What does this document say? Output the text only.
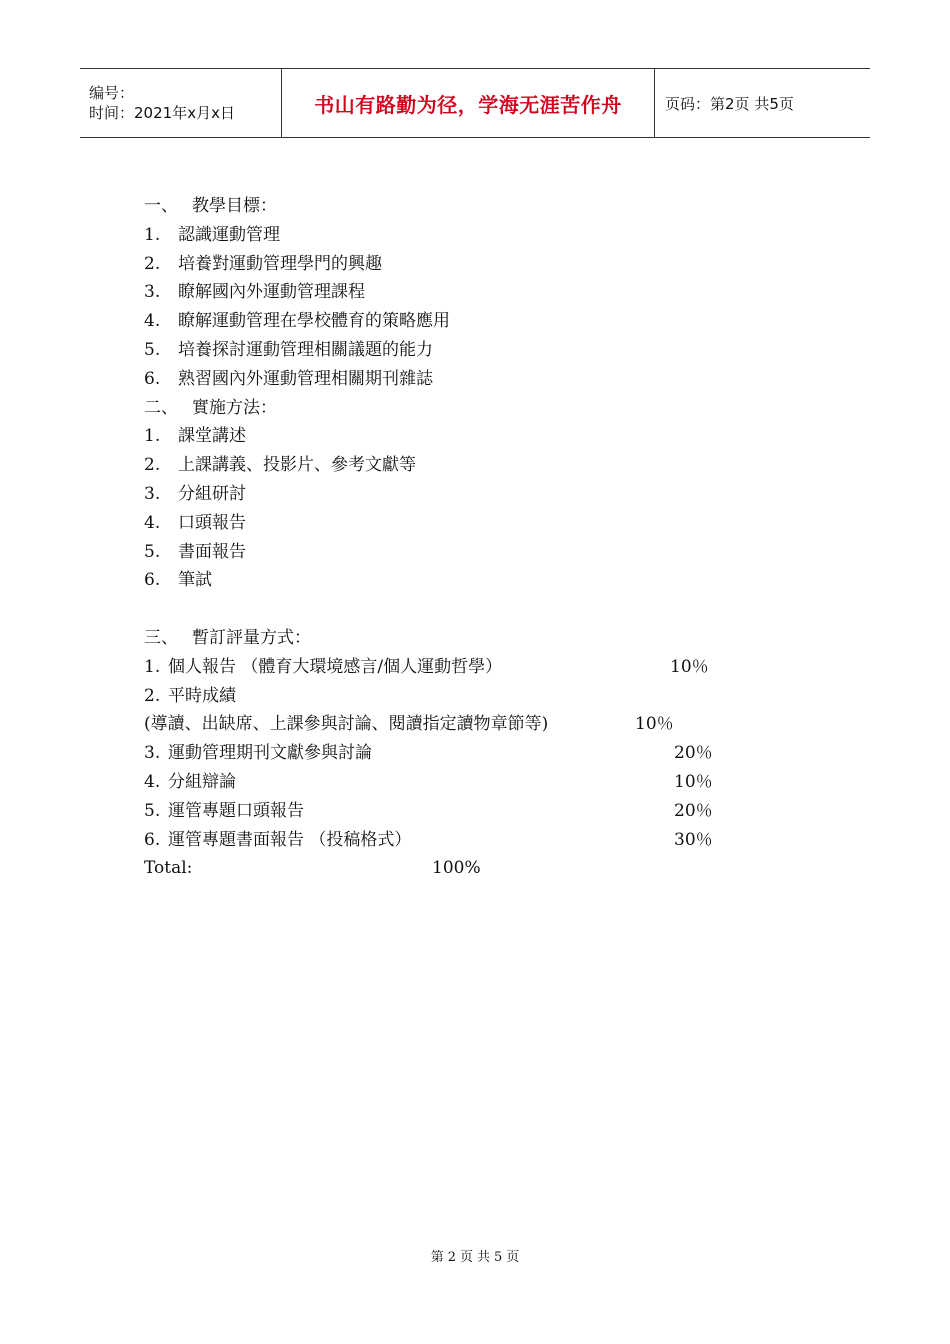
编号：
时间：2021年x月x日	书山有路勤为径，学海无涯苦作舟	页码：第2页 共5页
一、 教學目標：
1. 認識運動管理
2. 培養對運動管理學門的興趣
3. 瞭解國內外運動管理課程
4. 瞭解運動管理在學校體育的策略應用
5. 培養探討運動管理相關議題的能力
6. 熟習國內外運動管理相關期刊雜誌
二、 實施方法：
1. 課堂講述
2. 上課講義、投影片、參考文獻等
3. 分組研討
4. 口頭報告
5. 書面報告
6. 筆試
三、 暫訂評量方式：
1. 個人報告 （體育大環境感言/個人運動哲學）	10％
2. 平時成績
(導讀、出缺席、上課參與討論、閱讀指定讀物章節等)	10％
3. 運動管理期刊文獻參與討論	20％
4. 分組辯論	10％
5. 運管專題口頭報告	20％
6. 運管專題書面報告 （投稿格式）	30％
Total:	100%
第 2 页 共 5 页
